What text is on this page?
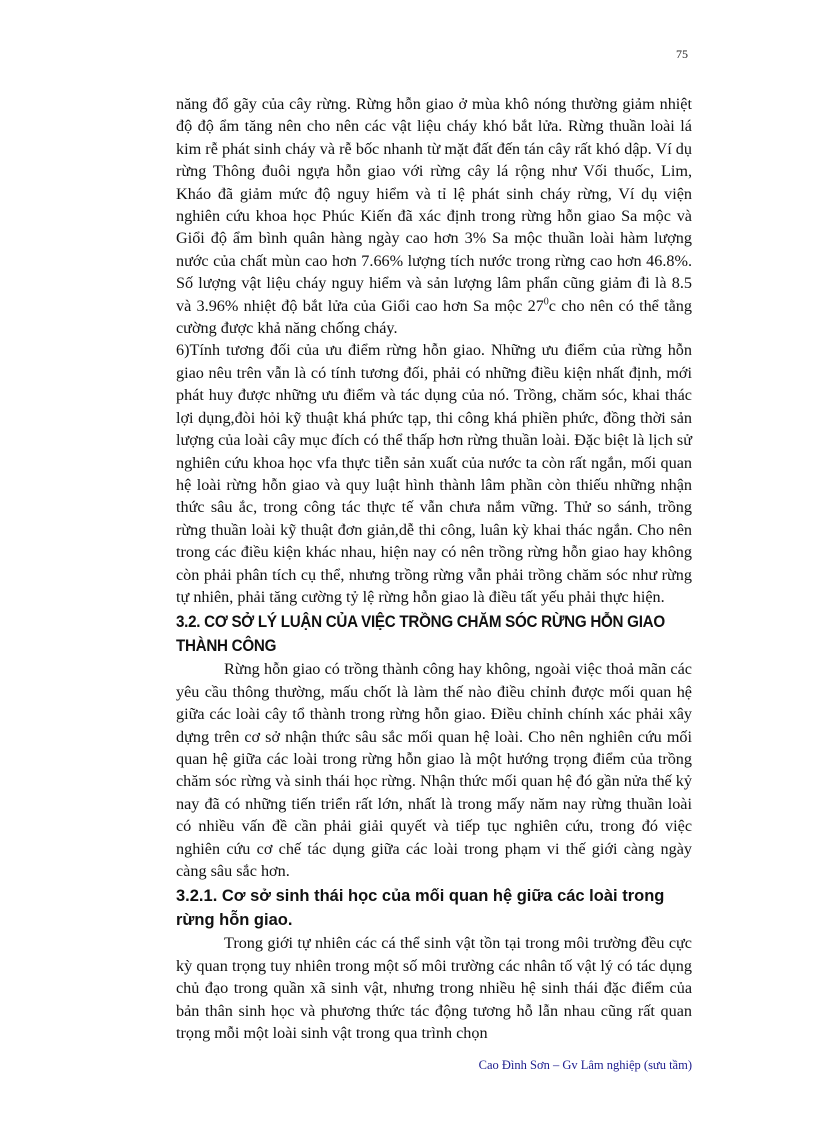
75

năng đổ gãy của cây rừng. Rừng hỗn giao ở mùa khô nóng thường giảm nhiệt độ độ ẩm tăng nên cho nên các vật liệu cháy khó bắt lửa. Rừng thuần loài lá kim rễ phát sinh cháy và rễ bốc nhanh từ mặt đất đến tán cây rất khó dập. Ví dụ rừng Thông đuôi ngựa hỗn giao với rừng cây lá rộng như Vối thuốc, Lim, Kháo đã giảm mức độ nguy hiểm và tỉ lệ phát sinh cháy rừng, Ví dụ viện nghiên cứu khoa học Phúc Kiến đã xác định trong rừng hỗn giao Sa mộc và Giổi độ ẩm bình quân hàng ngày cao hơn 3% Sa mộc thuần loài hàm lượng nước của chất mùn cao hơn 7.66% lượng tích nước trong rừng cao hơn 46.8%. Số lượng vật liệu cháy nguy hiểm và sản lượng lâm phẩn cũng giảm đi là 8.5 và 3.96% nhiệt độ bắt lửa của Giổi cao hơn Sa mộc $27^0c$ cho nên có thể tằng cường được khả năng chống cháy.

6)Tính tương đối của ưu điểm rừng hỗn giao. Những ưu điểm của rừng hỗn giao nêu trên vẫn là có tính tương đối, phải có những điều kiện nhất định, mới phát huy được những ưu điểm và tác dụng của nó. Trồng, chăm sóc, khai thác lợi dụng,đòi hỏi kỹ thuật khá phức tạp, thi công khá phiền phức, đồng thời sản lượng của loài cây mục đích có thể thấp hơn rừng thuần loài. Đặc biệt là lịch sử nghiên cứu khoa học vfa thực tiễn sản xuất của nước ta còn rất ngắn, mối quan hệ loài rừng hỗn giao và quy luật hình thành lâm phần còn thiếu những nhận thức sâu ắc, trong công tác thực tế vẫn chưa nắm vững. Thử so sánh, trồng rừng thuần loài kỹ thuật đơn giản,dễ thi công, luân kỳ khai thác ngắn. Cho nên trong các điều kiện khác nhau, hiện nay có nên trồng rừng hỗn giao hay không còn phải phân tích cụ thể, nhưng trồng rừng vẫn phải trồng chăm sóc như rừng tự nhiên, phải tăng cường tỷ lệ rừng hỗn giao là điều tất yếu phải thực hiện.

3.2. CƠ SỞ LÝ LUẬN CỦA VIỆC TRỒNG CHĂM SÓC RỪNG HỖN GIAO THÀNH CÔNG

Rừng hỗn giao có trồng thành công hay không, ngoài việc thoả mãn các yêu cầu thông thường, mấu chốt là làm thế nào điều chỉnh được mối quan hệ giữa các loài cây tổ thành trong rừng hỗn giao. Điều chỉnh chính xác phải xây dựng trên cơ sở nhận thức sâu sắc mối quan hệ loài. Cho nên nghiên cứu mối quan hệ giữa các loài trong rừng hỗn giao là một hướng trọng điểm của trồng chăm sóc rừng và sinh thái học rừng. Nhận thức mối quan hệ đó gần nửa thế kỷ nay đã có những tiến triển rất lớn, nhất là trong mấy năm nay rừng thuần loài có nhiều vấn đề cần phải giải quyết và tiếp tục nghiên cứu, trong đó việc nghiên cứu cơ chế tác dụng giữa các loài trong phạm vi thế giới càng ngày càng sâu sắc hơn.

3.2.1. Cơ sở sinh thái học của mối quan hệ giữa các loài trong rừng hỗn giao.

Trong giới tự nhiên các cá thể sinh vật tồn tại trong môi trường đều cực kỳ quan trọng tuy nhiên trong một số môi trường các nhân tố vật lý có tác dụng chủ đạo trong quần xã sinh vật, nhưng trong nhiều hệ sinh thái đặc điểm của bản thân sinh học và phương thức tác động tương hỗ lẫn nhau cũng rất quan trọng mỗi một loài sinh vật trong qua trình chọn

Cao Đình Sơn – Gv Lâm nghiệp (sưu tầm)
